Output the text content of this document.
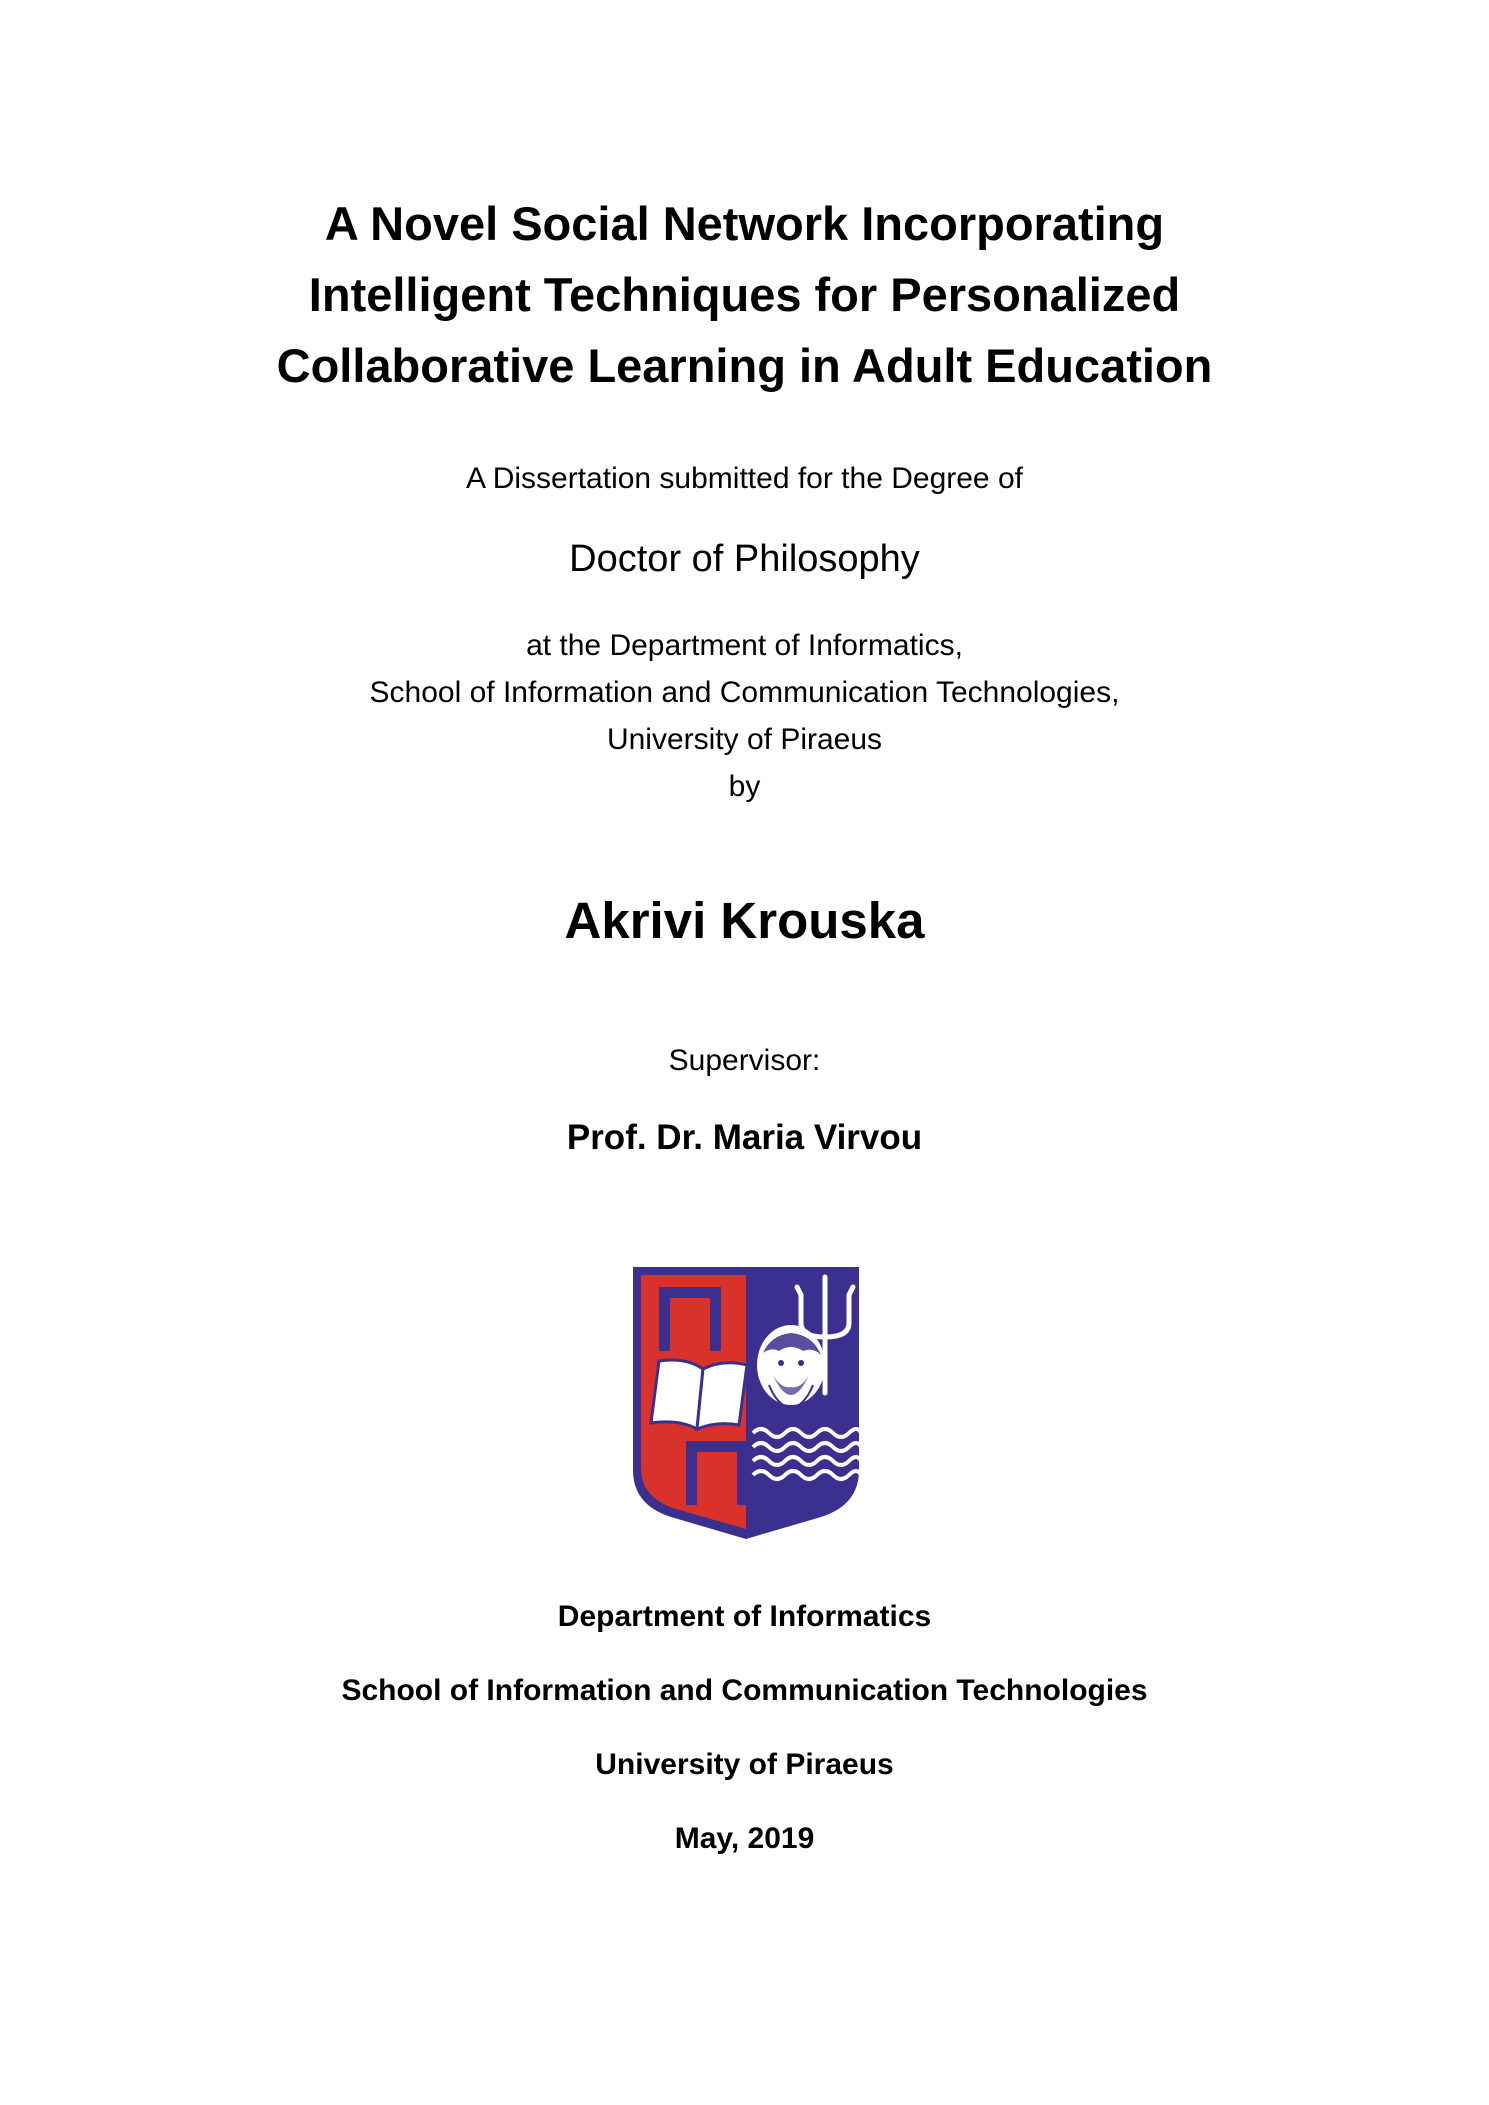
A Novel Social Network Incorporating
Intelligent Techniques for Personalized
Collaborative Learning in Adult Education
A Dissertation submitted for the Degree of
Doctor of Philosophy
at the Department of Informatics,
School of Information and Communication Technologies,
University of Piraeus
by
Akrivi Krouska
Supervisor:
Prof. Dr. Maria Virvou
Department of Informatics
School of Information and Communication Technologies
University of Piraeus
May, 2019
